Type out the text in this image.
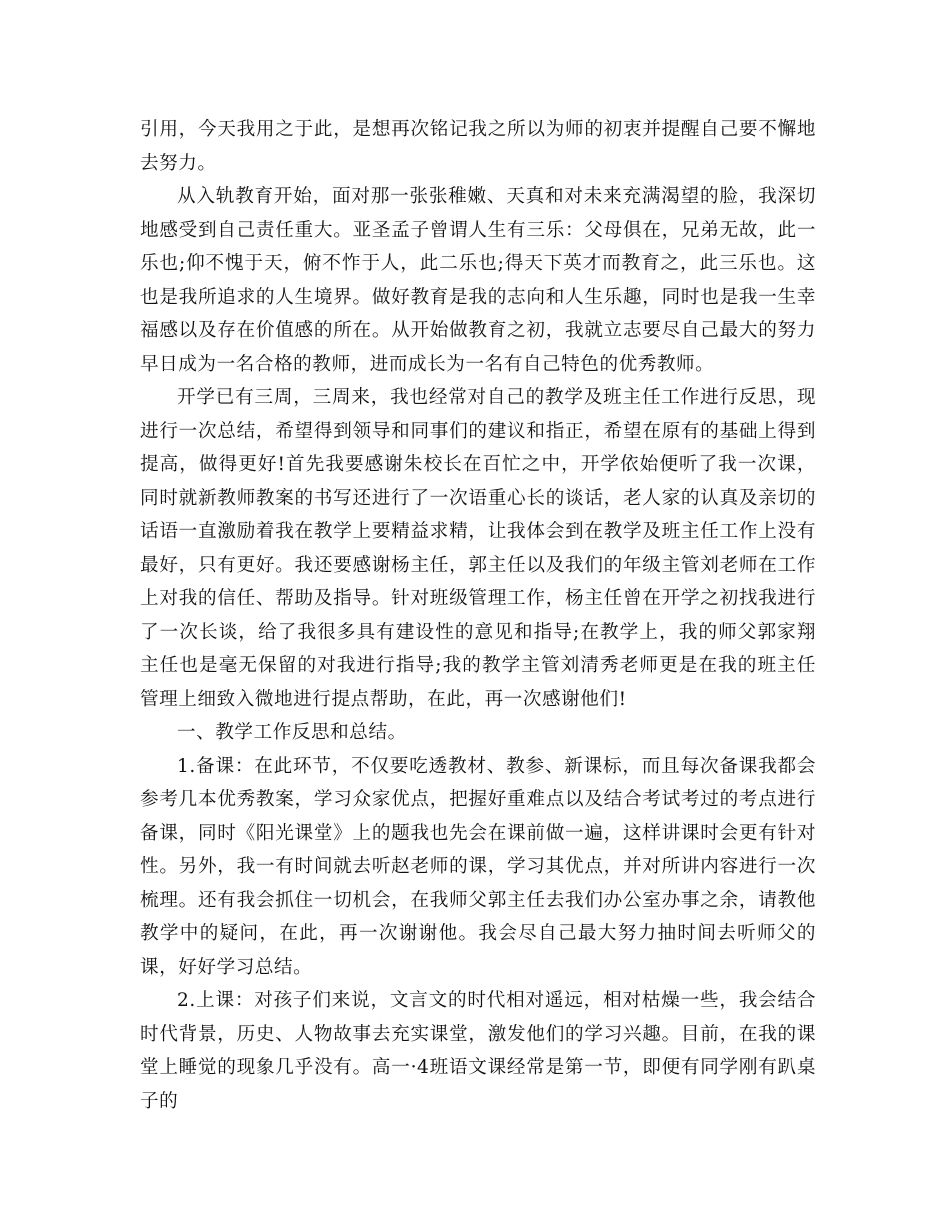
引用，今天我用之于此，是想再次铭记我之所以为师的初衷并提醒自己要不懈地去努力。

从入轨教育开始，面对那一张张稚嫩、天真和对未来充满渴望的脸，我深切地感受到自己责任重大。亚圣孟子曾谓人生有三乐：父母俱在，兄弟无故，此一乐也;仰不愧于天，俯不怍于人，此二乐也;得天下英才而教育之，此三乐也。这也是我所追求的人生境界。做好教育是我的志向和人生乐趣，同时也是我一生幸福感以及存在价值感的所在。从开始做教育之初，我就立志要尽自己最大的努力早日成为一名合格的教师，进而成长为一名有自己特色的优秀教师。

开学已有三周，三周来，我也经常对自己的教学及班主任工作进行反思，现进行一次总结，希望得到领导和同事们的建议和指正，希望在原有的基础上得到提高，做得更好!首先我要感谢朱校长在百忙之中，开学依始便听了我一次课，同时就新教师教案的书写还进行了一次语重心长的谈话，老人家的认真及亲切的话语一直激励着我在教学上要精益求精，让我体会到在教学及班主任工作上没有最好，只有更好。我还要感谢杨主任，郭主任以及我们的年级主管刘老师在工作上对我的信任、帮助及指导。针对班级管理工作，杨主任曾在开学之初找我进行了一次长谈，给了我很多具有建设性的意见和指导;在教学上，我的师父郭家翔主任也是毫无保留的对我进行指导;我的教学主管刘清秀老师更是在我的班主任管理上细致入微地进行提点帮助，在此，再一次感谢他们!

一、教学工作反思和总结。

1.备课：在此环节，不仅要吃透教材、教参、新课标，而且每次备课我都会参考几本优秀教案，学习众家优点，把握好重难点以及结合考试考过的考点进行备课，同时《阳光课堂》上的题我也先会在课前做一遍，这样讲课时会更有针对性。另外，我一有时间就去听赵老师的课，学习其优点，并对所讲内容进行一次梳理。还有我会抓住一切机会，在我师父郭主任去我们办公室办事之余，请教他教学中的疑问，在此，再一次谢谢他。我会尽自己最大努力抽时间去听师父的课，好好学习总结。

2.上课：对孩子们来说，文言文的时代相对遥远，相对枯燥一些，我会结合时代背景，历史、人物故事去充实课堂，激发他们的学习兴趣。目前，在我的课堂上睡觉的现象几乎没有。高一·4班语文课经常是第一节，即便有同学刚有趴桌子的
